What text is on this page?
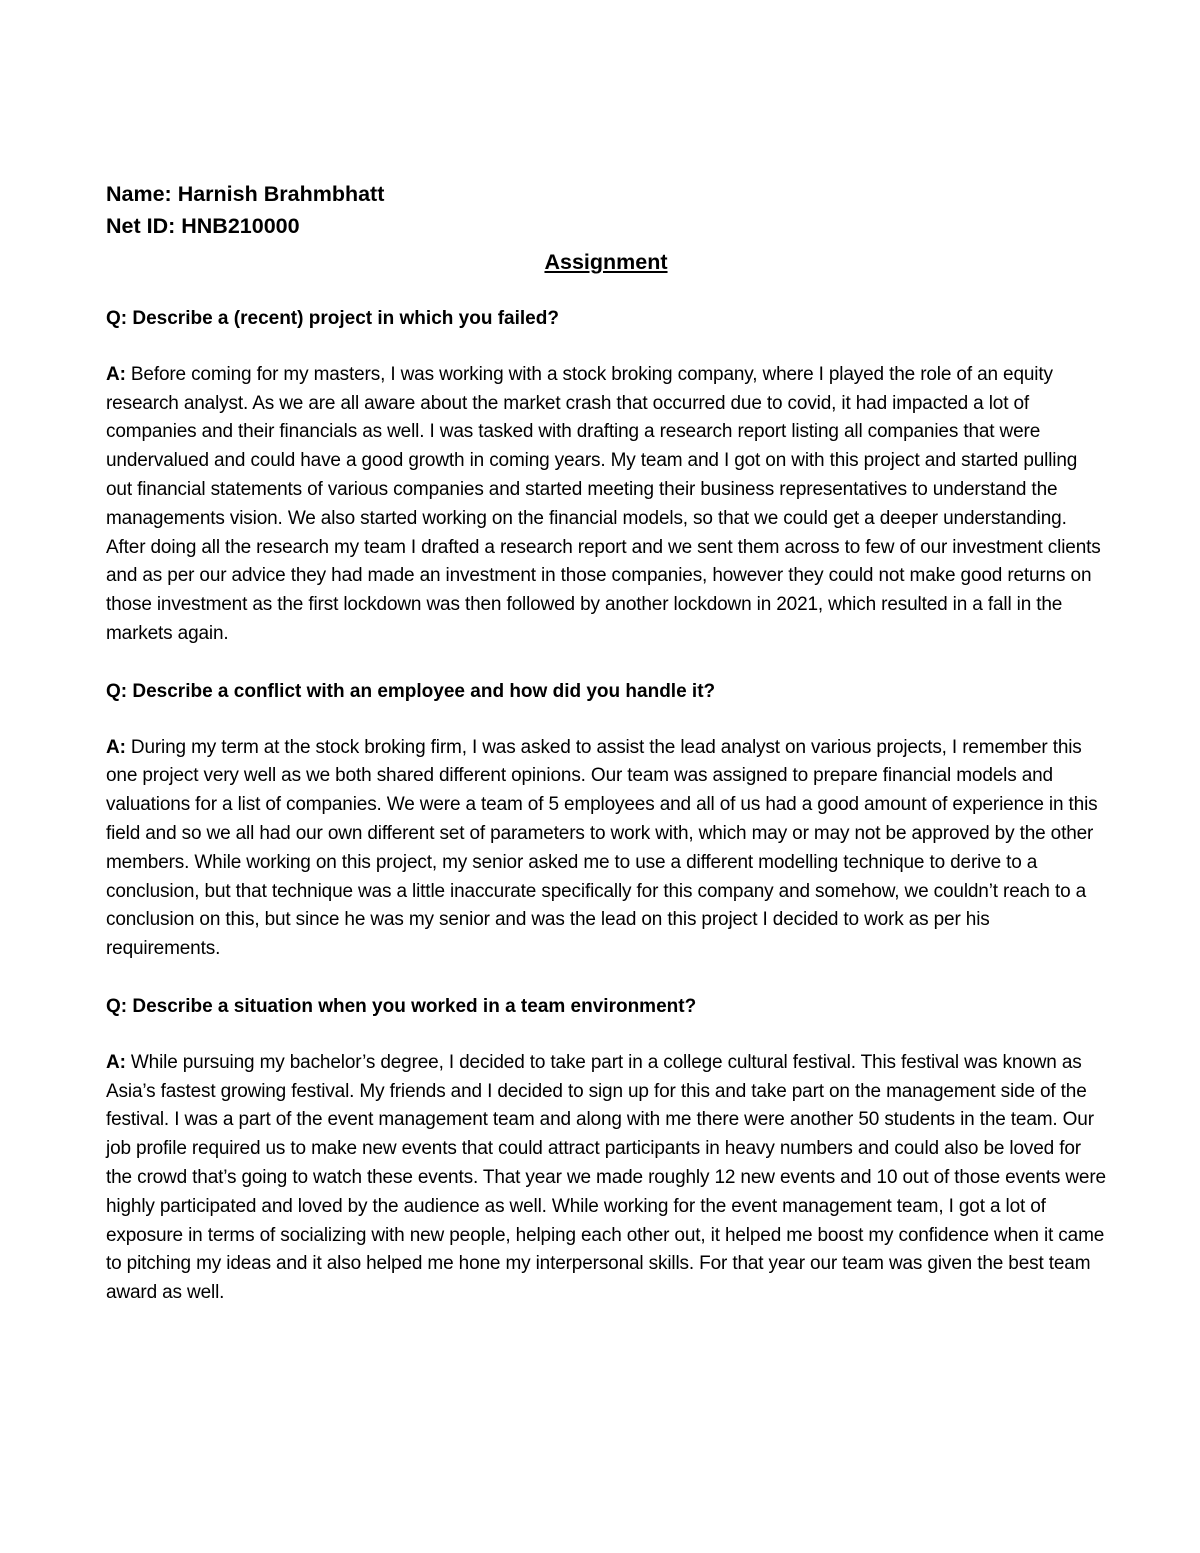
Name: Harnish Brahmbhatt

Net ID: HNB210000

Assignment

Q: Describe a (recent) project in which you failed?

A: Before coming for my masters, I was working with a stock broking company, where I played the role of an equity research analyst. As we are all aware about the market crash that occurred due to covid, it had impacted a lot of companies and their financials as well. I was tasked with drafting a research report listing all companies that were undervalued and could have a good growth in coming years. My team and I got on with this project and started pulling out financial statements of various companies and started meeting their business representatives to understand the managements vision. We also started working on the financial models, so that we could get a deeper understanding. After doing all the research my team I drafted a research report and we sent them across to few of our investment clients and as per our advice they had made an investment in those companies, however they could not make good returns on those investment as the first lockdown was then followed by another lockdown in 2021, which resulted in a fall in the markets again.

Q: Describe a conflict with an employee and how did you handle it?

A: During my term at the stock broking firm, I was asked to assist the lead analyst on various projects, I remember this one project very well as we both shared different opinions. Our team was assigned to prepare financial models and valuations for a list of companies. We were a team of 5 employees and all of us had a good amount of experience in this field and so we all had our own different set of parameters to work with, which may or may not be approved by the other members. While working on this project, my senior asked me to use a different modelling technique to derive to a conclusion, but that technique was a little inaccurate specifically for this company and somehow, we couldn’t reach to a conclusion on this, but since he was my senior and was the lead on this project I decided to work as per his requirements.

Q: Describe a situation when you worked in a team environment?

A: While pursuing my bachelor’s degree, I decided to take part in a college cultural festival. This festival was known as Asia’s fastest growing festival. My friends and I decided to sign up for this and take part on the management side of the festival. I was a part of the event management team and along with me there were another 50 students in the team. Our job profile required us to make new events that could attract participants in heavy numbers and could also be loved for the crowd that’s going to watch these events. That year we made roughly 12 new events and 10 out of those events were highly participated and loved by the audience as well. While working for the event management team, I got a lot of exposure in terms of socializing with new people, helping each other out, it helped me boost my confidence when it came to pitching my ideas and it also helped me hone my interpersonal skills. For that year our team was given the best team award as well.
